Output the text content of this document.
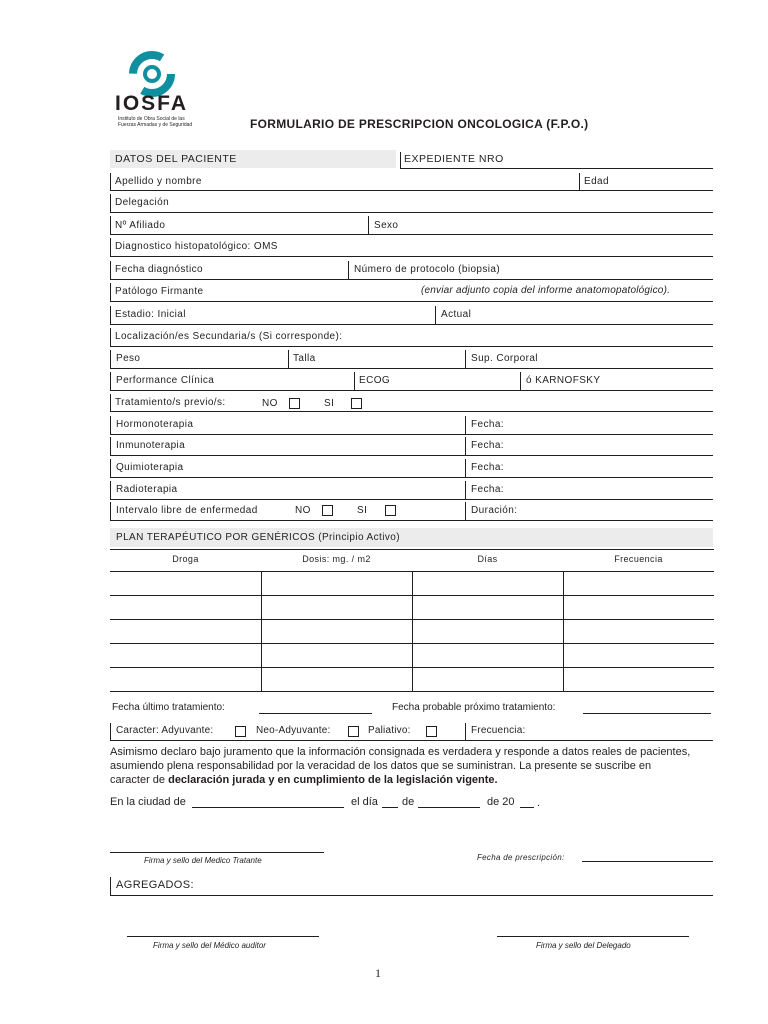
IOSFA
Instituto de Obra Social de las
Fuerzas Armadas y de Seguridad	FORMULARIO DE PRESCRIPCION ONCOLOGICA (F.P.O.)
DATOS DEL PACIENTE	EXPEDIENTE NRO
Apellido y nombre	Edad
Delegación
Nº Afiliado	Sexo
Diagnostico histopatológico: OMS
Fecha diagnóstico	Número de protocolo (biopsia)
Patólogo Firmante	(enviar adjunto copia del informe anatomopatológico).
Estadio: Inicial	Actual
Localización/es Secundaria/s (Si corresponde):
Peso	Talla	Sup. Corporal
Performance Clínica	ECOG	ó KARNOFSKY
Tratamiento/s previo/s:	NO	SI
Hormonoterapia	Fecha:
Inmunoterapia	Fecha:
Quimioterapia	Fecha:
Radioterapia	Fecha:
Intervalo libre de enfermedad	NO	SI	Duración:
PLAN TERAPÉUTICO POR GENÉRICOS (Principio Activo)
Droga	Dosis: mg. / m2	Días	Frecuencia
Fecha último tratamiento:	Fecha probable próximo tratamiento:
Caracter: Adyuvante:	Neo-Adyuvante:	Paliativo:	Frecuencia:
Asimismo declaro bajo juramento que la información consignada es verdadera y responde a datos reales de pacientes,
asumiendo plena responsabilidad por la veracidad de los datos que se suministran. La presente se suscribe en
caracter de declaración jurada y en cumplimiento de la legislación vigente.
En la ciudad de	el día de	de 20 .
Firma y sello del Medico Tratante	Fecha de prescripción:
AGREGADOS:
Firma y sello del Médico auditor	Firma y sello del Delegado
1
